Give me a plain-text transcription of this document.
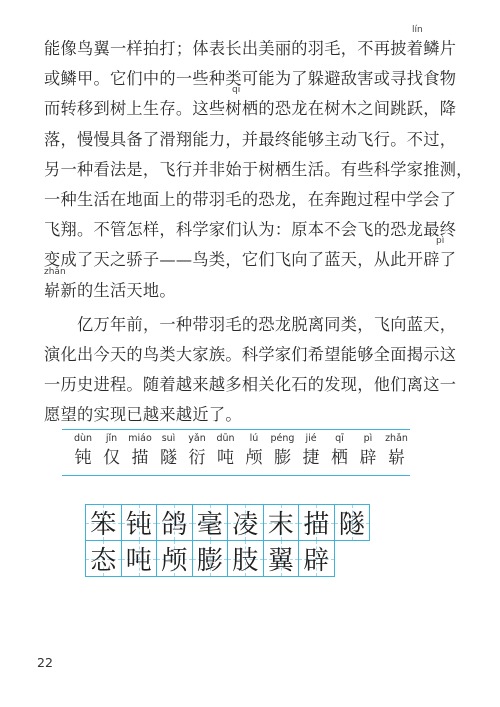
能像鸟翼一样拍打；体表长出美丽的羽毛，不再披着鳞片
lín
或鳞甲。它们中的一些种类可能为了躲避敌害或寻找食物
而转移到树上生存。这些树栖的恐龙在树木之间跳跃，降
qī
落，慢慢具备了滑翔能力，并最终能够主动飞行。不过，
另一种看法是，飞行并非始于树栖生活。有些科学家推测，
一种生活在地面上的带羽毛的恐龙，在奔跑过程中学会了
飞翔。不管怎样，科学家们认为：原本不会飞的恐龙最终
变成了天之骄子——鸟类，它们飞向了蓝天，从此开辟了
pì
崭新的生活天地。
zhǎn
亿万年前，一种带羽毛的恐龙脱离同类，飞向蓝天，
演化出今天的鸟类大家族。科学家们希望能够全面揭示这
一历史进程。随着越来越多相关化石的发现，他们离这一
愿望的实现已越来越近了。
dùn
钝
jǐn
仅
miáo
描
suì
隧
yǎn
衍
dūn
吨
lú
颅
péng
膨
jié
捷
qī
栖
pì
辟
zhǎn
崭
笨 钝 鸽 毫 凌 末 描 隧
态 吨 颅 膨 肢 翼 辟
22
